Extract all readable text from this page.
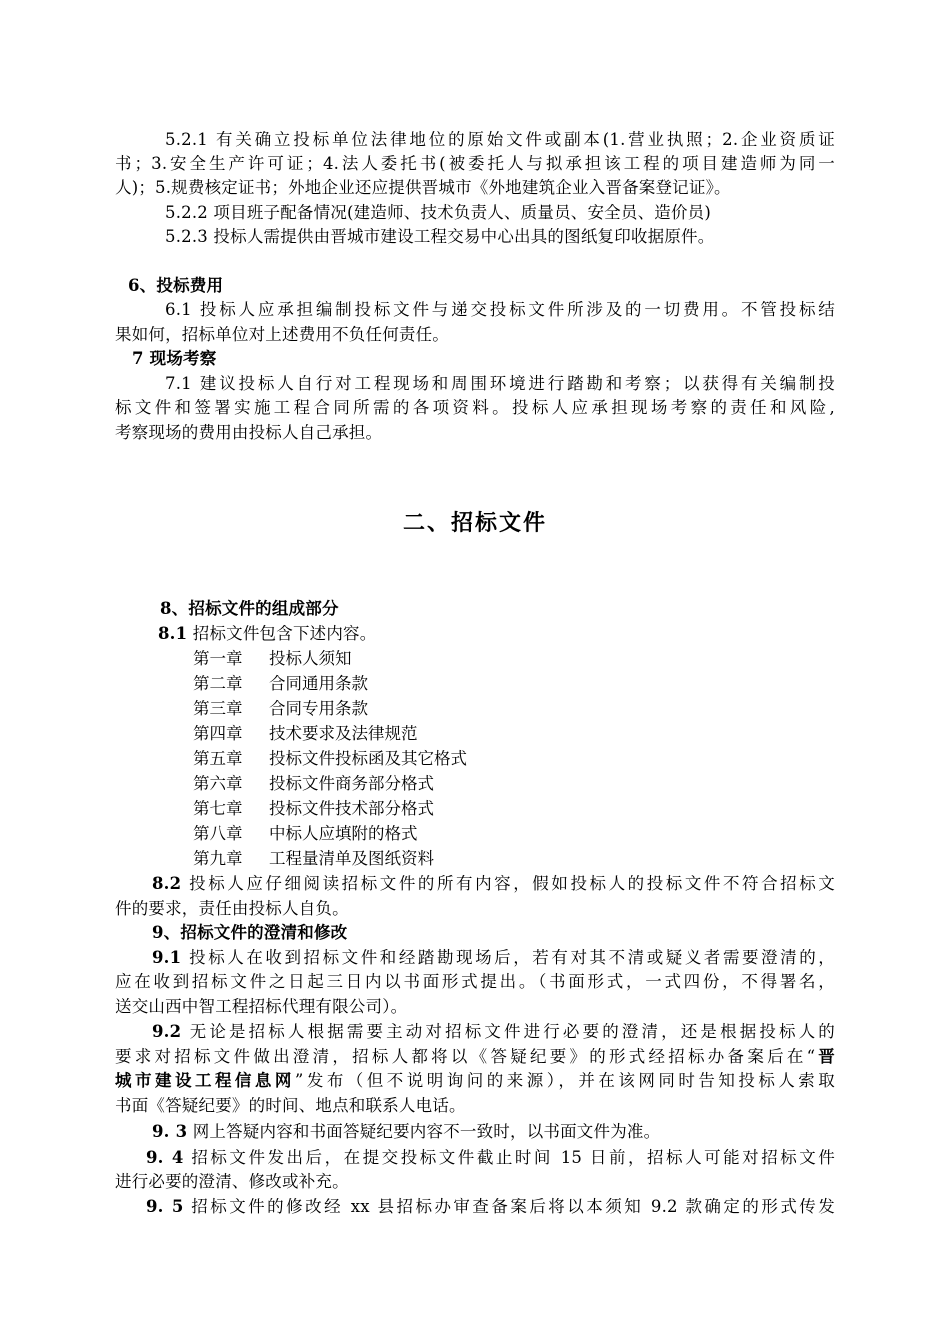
5.2.1 有关确立投标单位法律地位的原始文件或副本(1.营业执照；2.企业资质证
书；3.安全生产许可证；4.法人委托书(被委托人与拟承担该工程的项目建造师为同一
人)；5.规费核定证书；外地企业还应提供晋城市《外地建筑企业入晋备案登记证》。
5.2.2 项目班子配备情况(建造师、技术负责人、质量员、安全员、造价员)
5.2.3 投标人需提供由晋城市建设工程交易中心出具的图纸复印收据原件。
6、投标费用
6.1 投标人应承担编制投标文件与递交投标文件所涉及的一切费用。不管投标结
果如何，招标单位对上述费用不负任何责任。
7 现场考察
7.1 建议投标人自行对工程现场和周围环境进行踏勘和考察；以获得有关编制投
标文件和签署实施工程合同所需的各项资料。投标人应承担现场考察的责任和风险,
考察现场的费用由投标人自己承担。
二、招标文件
8、招标文件的组成部分
8.1 招标文件包含下述内容。
第一章 投标人须知
第二章 合同通用条款
第三章 合同专用条款
第四章 技术要求及法律规范
第五章 投标文件投标函及其它格式
第六章 投标文件商务部分格式
第七章 投标文件技术部分格式
第八章 中标人应填附的格式
第九章 工程量清单及图纸资料
8.2 投标人应仔细阅读招标文件的所有内容，假如投标人的投标文件不符合招标文
件的要求，责任由投标人自负。
9、招标文件的澄清和修改
9.1 投标人在收到招标文件和经踏勘现场后，若有对其不清或疑义者需要澄清的，
应在收到招标文件之日起三日内以书面形式提出。（书面形式，一式四份，不得署名，
送交山西中智工程招标代理有限公司）。
9.2 无论是招标人根据需要主动对招标文件进行必要的澄清，还是根据投标人的
要求对招标文件做出澄清，招标人都将以《答疑纪要》的形式经招标办备案后在“晋
城市建设工程信息网”发布（但不说明询问的来源），并在该网同时告知投标人索取
书面《答疑纪要》的时间、地点和联系人电话。
9. 3 网上答疑内容和书面答疑纪要内容不一致时，以书面文件为准。
9. 4 招标文件发出后，在提交投标文件截止时间 15 日前，招标人可能对招标文件
进行必要的澄清、修改或补充。
9. 5 招标文件的修改经 xx 县招标办审查备案后将以本须知 9.2 款确定的形式传发
